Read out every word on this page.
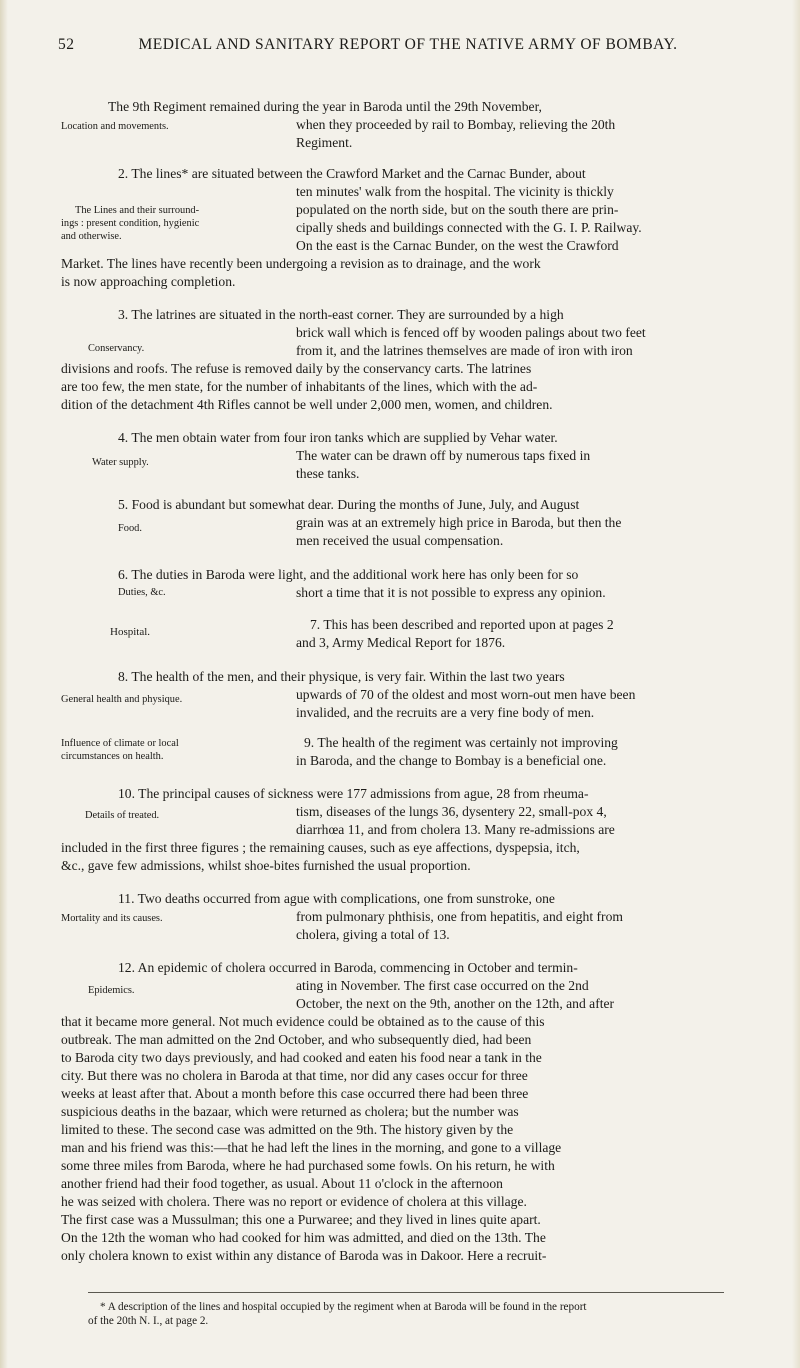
52	MEDICAL AND SANITARY REPORT OF THE NATIVE ARMY OF BOMBAY.
The 9th Regiment remained during the year in Baroda until the 29th November,
Location and movements.	when they proceeded by rail to Bombay, relieving the 20th
Regiment.
2. The lines* are situated between the Crawford Market and the Carnac Bunder, about
ten minutes' walk from the hospital. The vicinity is thickly
The Lines and their surround-
ings : present condition, hygienic
and otherwise.
populated on the north side, but on the south there are prin-
cipally sheds and buildings connected with the G. I. P. Railway.
On the east is the Carnac Bunder, on the west the Crawford
Market. The lines have recently been undergoing a revision as to drainage, and the work
is now approaching completion.
3. The latrines are situated in the north-east corner. They are surrounded by a high
brick wall which is fenced off by wooden palings about two feet
Conservancy.	from it, and the latrines themselves are made of iron with iron
divisions and roofs. The refuse is removed daily by the conservancy carts. The latrines
are too few, the men state, for the number of inhabitants of the lines, which with the ad-
dition of the detachment 4th Rifles cannot be well under 2,000 men, women, and children.
4. The men obtain water from four iron tanks which are supplied by Vehar water.
Water supply.	The water can be drawn off by numerous taps fixed in
these tanks.
5. Food is abundant but somewhat dear. During the months of June, July, and August
Food.	grain was at an extremely high price in Baroda, but then the
men received the usual compensation.
6. The duties in Baroda were light, and the additional work here has only been for so
Duties, &c.	short a time that it is not possible to express any opinion.
Hospital.	7. This has been described and reported upon at pages 2
and 3, Army Medical Report for 1876.
8. The health of the men, and their physique, is very fair. Within the last two years
General health and physique.	upwards of 70 of the oldest and most worn-out men have been
invalided, and the recruits are a very fine body of men.
Influence of climate or local
circumstances on health.
9. The health of the regiment was certainly not improving
in Baroda, and the change to Bombay is a beneficial one.
10. The principal causes of sickness were 177 admissions from ague, 28 from rheuma-
Details of treated.	tism, diseases of the lungs 36, dysentery 22, small-pox 4,
diarrhœa 11, and from cholera 13. Many re-admissions are
included in the first three figures ; the remaining causes, such as eye affections, dyspepsia, itch,
&c., gave few admissions, whilst shoe-bites furnished the usual proportion.
11. Two deaths occurred from ague with complications, one from sunstroke, one
Mortality and its causes.	from pulmonary phthisis, one from hepatitis, and eight from
cholera, giving a total of 13.
12. An epidemic of cholera occurred in Baroda, commencing in October and termin-
Epidemics.	ating in November. The first case occurred on the 2nd
October, the next on the 9th, another on the 12th, and after
that it became more general. Not much evidence could be obtained as to the cause of this
outbreak. The man admitted on the 2nd October, and who subsequently died, had been
to Baroda city two days previously, and had cooked and eaten his food near a tank in the
city. But there was no cholera in Baroda at that time, nor did any cases occur for three
weeks at least after that. About a month before this case occurred there had been three
suspicious deaths in the bazaar, which were returned as cholera; but the number was
limited to these. The second case was admitted on the 9th. The history given by the
man and his friend was this:—that he had left the lines in the morning, and gone to a village
some three miles from Baroda, where he had purchased some fowls. On his return, he with
another friend had their food together, as usual. About 11 o'clock in the afternoon
he was seized with cholera. There was no report or evidence of cholera at this village.
The first case was a Mussulman; this one a Purwaree; and they lived in lines quite apart.
On the 12th the woman who had cooked for him was admitted, and died on the 13th. The
only cholera known to exist within any distance of Baroda was in Dakoor. Here a recruit-
* A description of the lines and hospital occupied by the regiment when at Baroda will be found in the report
of the 20th N. I., at page 2.
